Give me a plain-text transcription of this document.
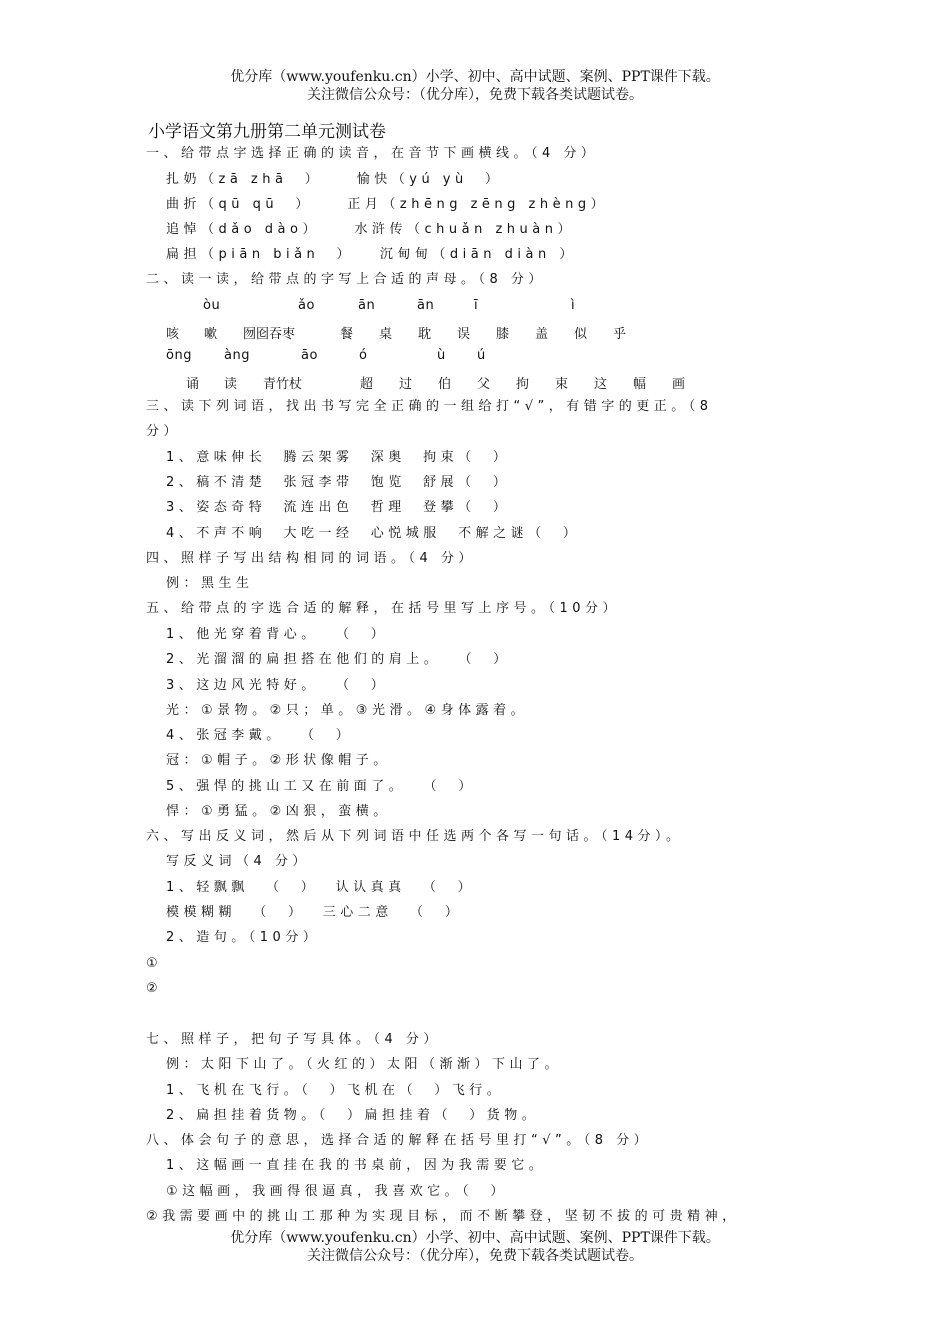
优分库（www.youfenku.cn）小学、初中、高中试题、案例、PPT课件下载。
关注微信公众号：（优分库），免费下载各类试题试卷。
小学语文第九册第二单元测试卷
一、给带点字选择正确的读音，在音节下画横线。（4 分）
扎奶（zā zhā  ）    愉快（yú yù  ）
曲折（qū qū  ）    正月（zhēng zēng zhèng）
追悼（dǎo dào）    水浒传（chuǎn zhuàn）
扁担（piān biǎn  ）   沉甸甸（diān diàn ）
二、读一读，给带点的字写上合适的声母。（8 分）
òu	ǎo	ān	ān	ī	ì
咳 嗽 囫囵吞枣	餐 桌 耽 误 膝 盖 似 乎
ōng àng	āo	ó	ù ú
诵 读 青竹杖	超 过 伯 父 拘 束 这 幅 画
三、读下列词语，找出书写完全正确的一组给打“√”，有错字的更正。（8
分）
1、意味伸长  腾云架雾  深奥  拘束（  ）
2、稿不清楚  张冠李带  饱览  舒展（  ）
3、姿态奇特  流连出色  哲理  登攀（  ）
4、不声不响  大吃一经  心悦城服  不解之谜（  ）
四、照样子写出结构相同的词语。（4 分）
例：黑生生
五、给带点的字选合适的解释，在括号里写上序号。（10分）
1、他光穿着背心。  （  ）
2、光溜溜的扁担搭在他们的肩上。  （  ）
3、这边风光特好。  （  ）
光：①景物。②只；单。③光滑。④身体露着。
4、张冠李戴。  （  ）
冠：①帽子。②形状像帽子。
5、强悍的挑山工又在前面了。  （  ）
悍：①勇猛。②凶狠，蛮横。
六、写出反义词，然后从下列词语中任选两个各写一句话。（14分）。
写反义词（4 分）
1、轻飘飘  （  ）  认认真真  （  ）
模模糊糊  （  ）  三心二意  （  ）
2、造句。（10分）
①
②
七、照样子，把句子写具体。（4 分）
例：太阳下山了。（火红的）太阳（渐渐）下山了。
1、飞机在飞行。（  ）飞机在（  ）飞行。
2、扁担挂着货物。（  ）扁担挂着（  ）货物。
八、体会句子的意思，选择合适的解释在括号里打“√”。（8 分）
1、这幅画一直挂在我的书桌前，因为我需要它。
①这幅画，我画得很逼真，我喜欢它。（  ）
②我需要画中的挑山工那种为实现目标，而不断攀登，坚韧不拔的可贵精神，
优分库（www.youfenku.cn）小学、初中、高中试题、案例、PPT课件下载。
关注微信公众号：（优分库），免费下载各类试题试卷。
